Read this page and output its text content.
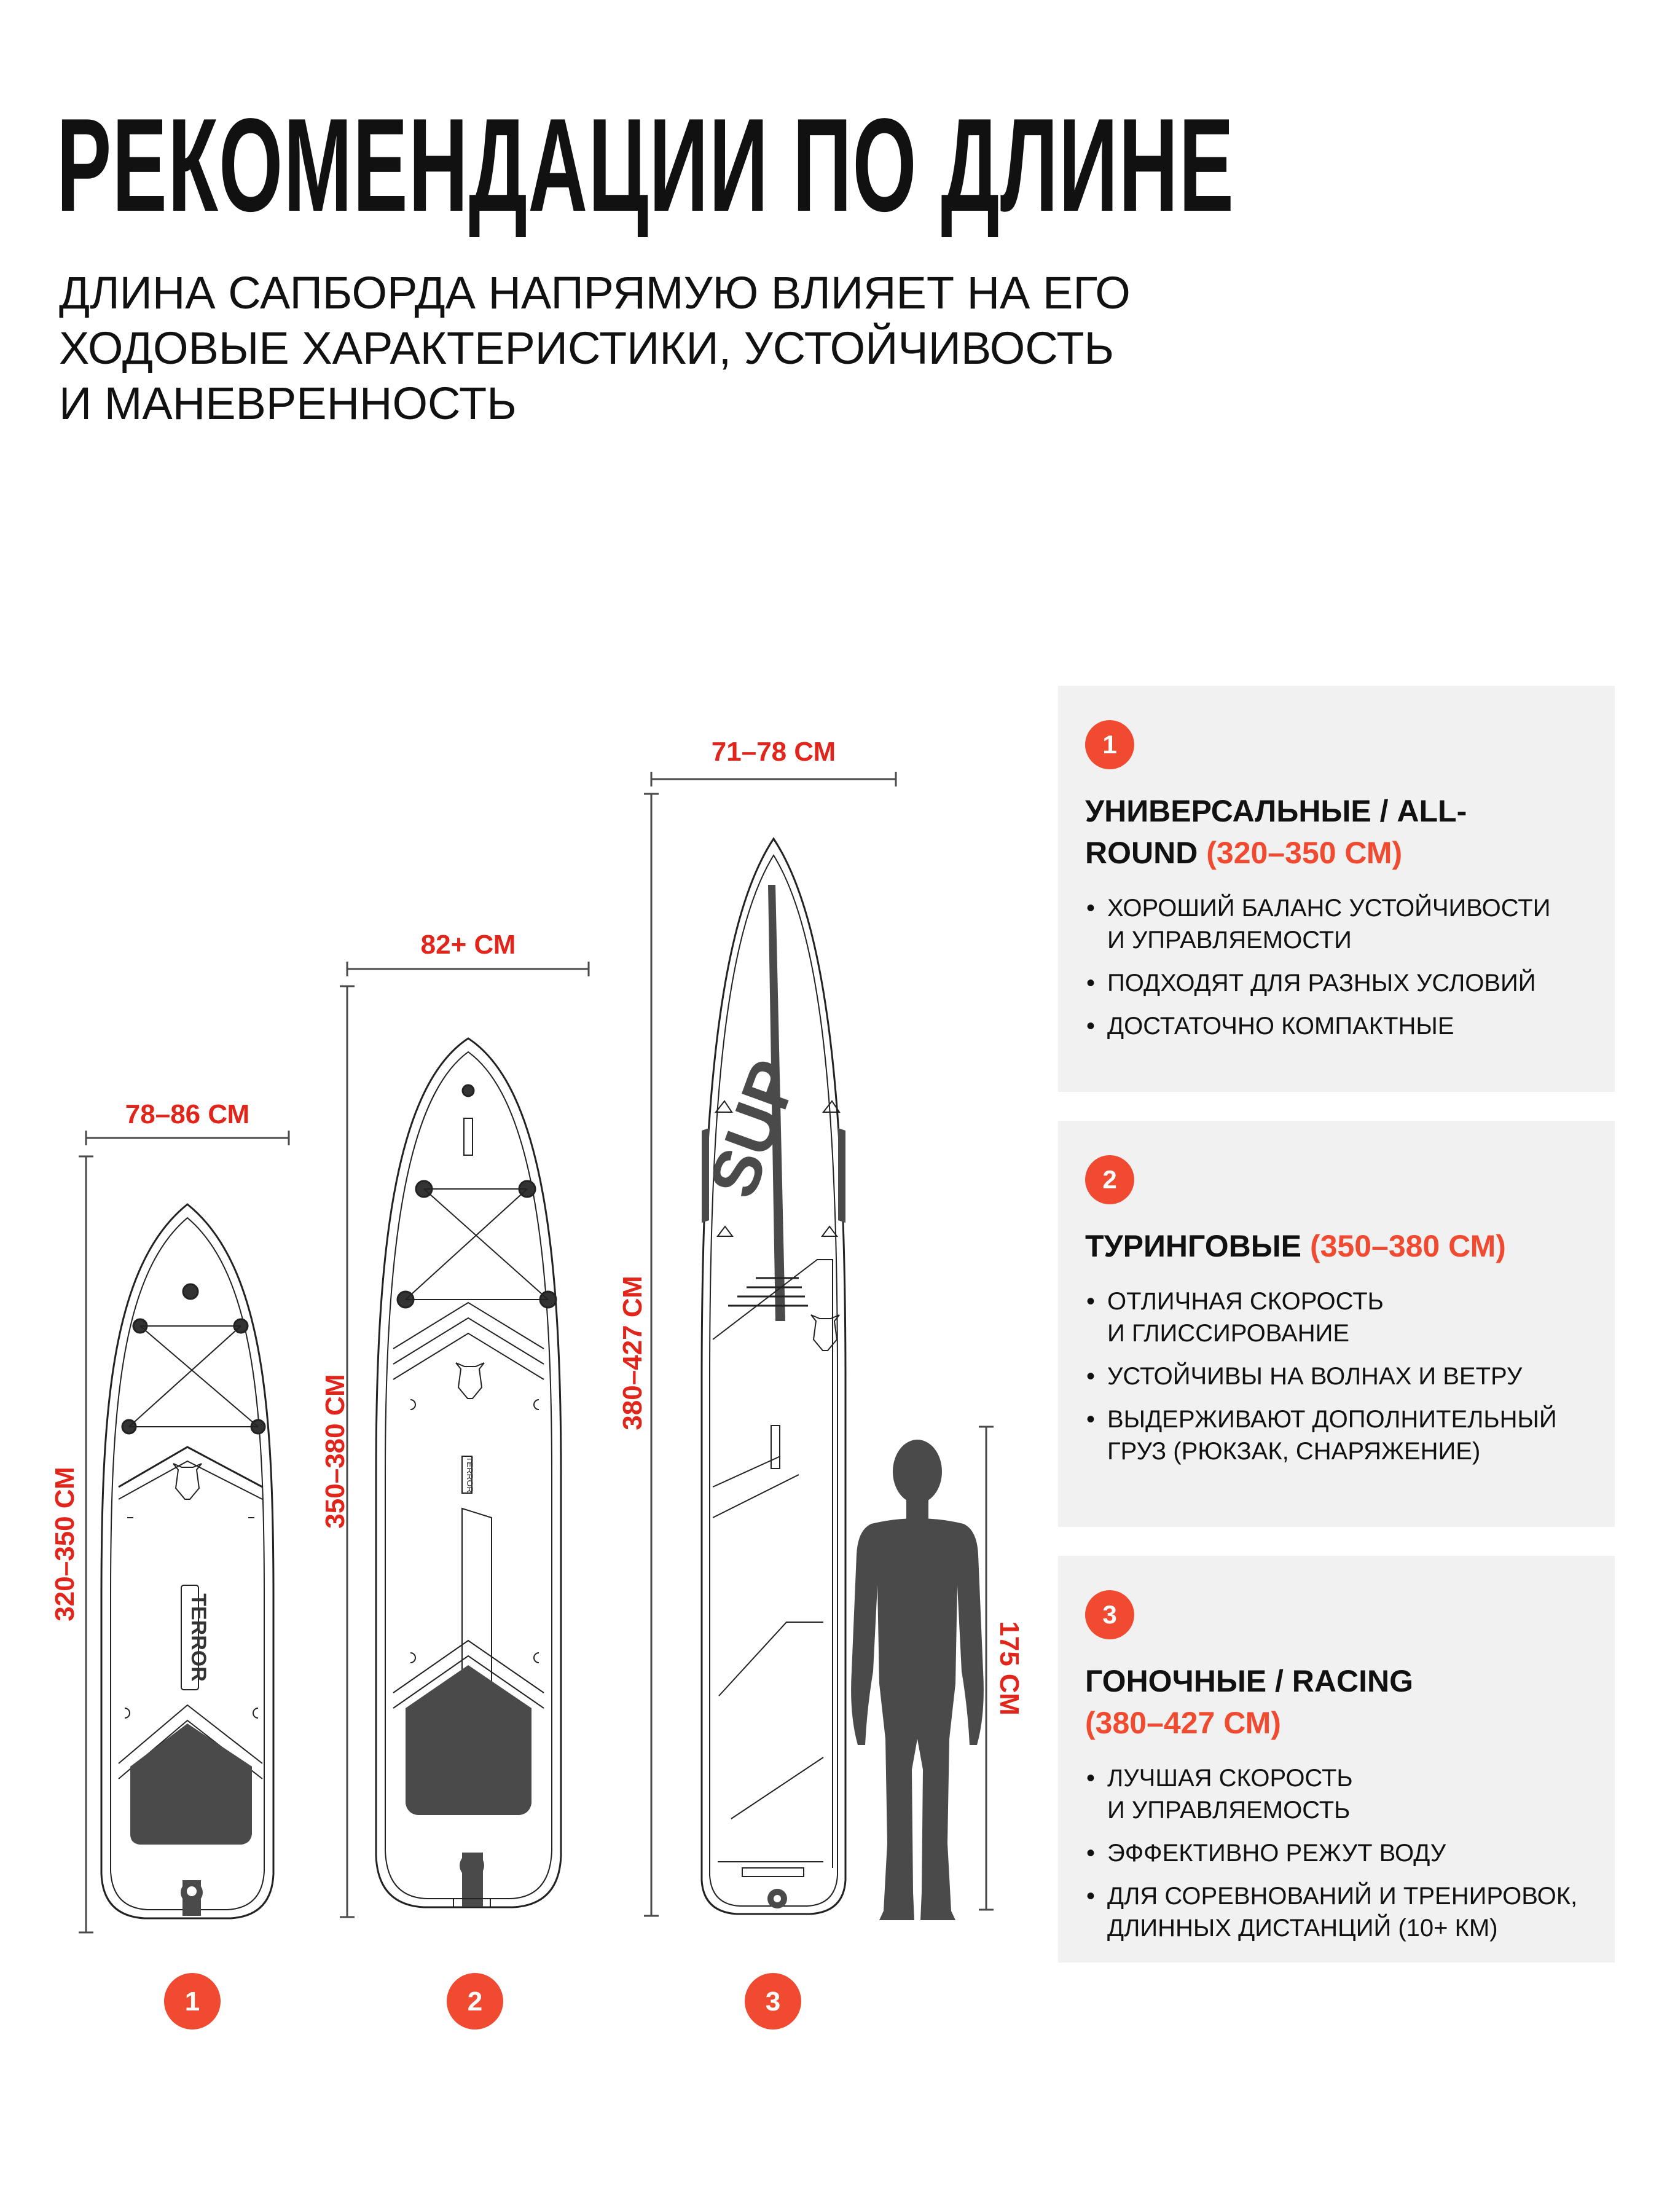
РЕКОМЕНДАЦИИ ПО ДЛИНЕ
ДЛИНА САПБОРДА НАПРЯМУЮ ВЛИЯЕТ НА ЕГО
ХОДОВЫЕ ХАРАКТЕРИСТИКИ, УСТОЙЧИВОСТЬ
И МАНЕВРЕННОСТЬ
78–86 СМ
320–350 СМ
82+ СМ
350–380 СМ
71–78 СМ
380–427 СМ
175 СМ
TERROR
TERROR
SUP
1	2	3
1
УНИВЕРСАЛЬНЫЕ / ALL-
ROUND (320–350 СМ)
• ХОРОШИЙ БАЛАНС УСТОЙЧИВОСТИ
И УПРАВЛЯЕМОСТИ
• ПОДХОДЯТ ДЛЯ РАЗНЫХ УСЛОВИЙ
• ДОСТАТОЧНО КОМПАКТНЫЕ
2
ТУРИНГОВЫЕ (350–380 СМ)
• ОТЛИЧНАЯ СКОРОСТЬ
И ГЛИССИРОВАНИЕ
• УСТОЙЧИВЫ НА ВОЛНАХ И ВЕТРУ
• ВЫДЕРЖИВАЮТ ДОПОЛНИТЕЛЬНЫЙ
ГРУЗ (РЮКЗАК, СНАРЯЖЕНИЕ)
3
ГОНОЧНЫЕ / RACING
(380–427 СМ)
• ЛУЧШАЯ СКОРОСТЬ
И УПРАВЛЯЕМОСТЬ
• ЭФФЕКТИВНО РЕЖУТ ВОДУ
• ДЛЯ СОРЕВНОВАНИЙ И ТРЕНИРОВОК,
ДЛИННЫХ ДИСТАНЦИЙ (10+ КМ)
